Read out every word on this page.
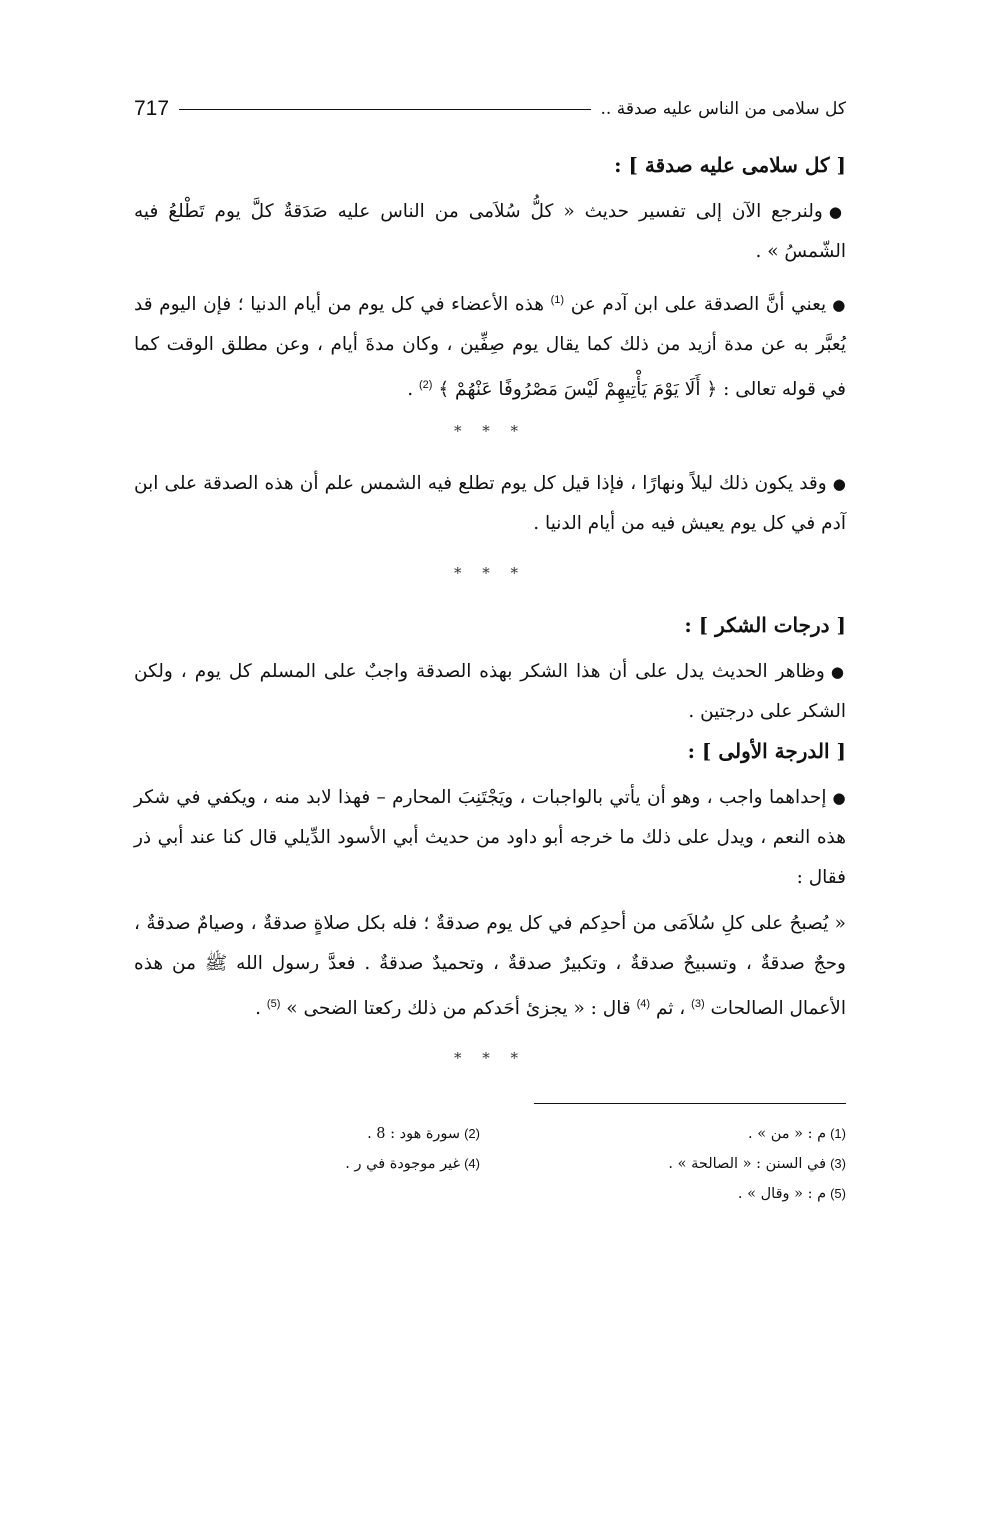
كل سلامى من الناس عليه صدقة ..
717
[ كل سلامى عليه صدقة ] :

●ولنرجع الآن إلى تفسير حديث « كلُّ سُلاَمى من الناس عليه صَدَقةٌ كلَّ يوم تَطْلعُ فيه الشّمسُ » .

●يعني أنَّ الصدقة على ابن آدم عن $^{(1)}$ هذه الأعضاء في كل يوم من أيام الدنيا ؛ فإن اليوم قد يُعبَّر به عن مدة أزيد من ذلك كما يقال يوم صِفِّين ، وكان مدةَ أيام ، وعن مطلق الوقت كما في قوله تعالى : ﴿ أَلَا يَوْمَ يَأْتِيهِمْ لَيْسَ مَصْرُوفًا عَنْهُمْ ﴾ $^{(2)}$ .

* * *

●وقد يكون ذلك ليلاً ونهارًا ، فإذا قيل كل يوم تطلع فيه الشمس علم أن هذه الصدقة على ابن آدم في كل يوم يعيش فيه من أيام الدنيا .

* * *
[ درجات الشكر ] :

●وظاهر الحديث يدل على أن هذا الشكر بهذه الصدقة واجبٌ على المسلم كل يوم ، ولكن الشكر على درجتين .

[ الدرجة الأولى ] :

●إحداهما واجب ، وهو أن يأتي بالواجبات ، ويَجْتَنِبَ المحارم – فهذا لابد منه ، ويكفي في شكر هذه النعم ، ويدل على ذلك ما خرجه أبو داود من حديث أبي الأسود الدِّيلي قال كنا عند أبي ذر فقال :

« يُصبحُ على كلِ سُلاَمَى من أحدِكم في كل يوم صدقةٌ ؛ فله بكل صلاةٍ صدقةٌ ، وصيامٌ صدقةٌ ، وحجٌ صدقةٌ ، وتسبيحٌ صدقةٌ ، وتكبيرٌ صدقةٌ ، وتحميدٌ صدقةٌ . فعدَّ رسول الله ﷺ من هذه الأعمال الصالحات $^{(3)}$ ، ثم $^{(4)}$ قال : « يجزئ أحَدكم من ذلك ركعتا الضحى » $^{(5)}$ .

* * *
(1)م : « من » .
(2)سورة هود : 8 .
(3)في السنن : « الصالحة » .
(4)غير موجودة في ر .
(5)م : « وقال » .
